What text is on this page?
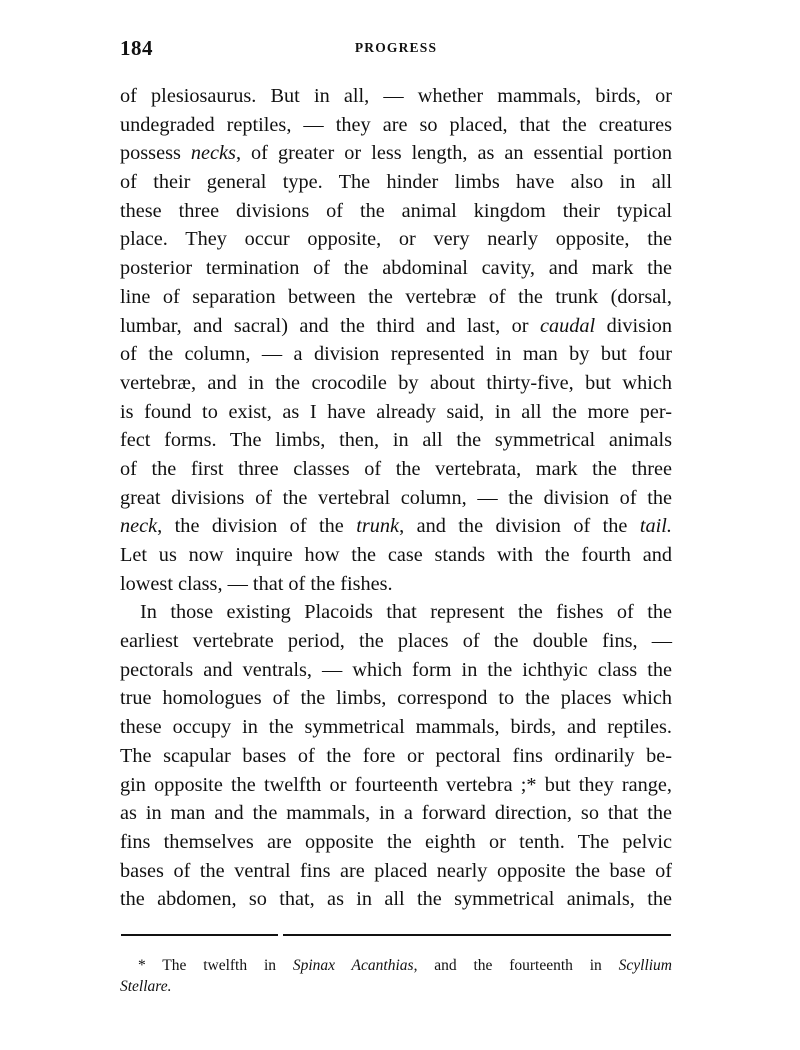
184	PROGRESS
of plesiosaurus. But in all, — whether mammals, birds, or
undegraded reptiles, — they are so placed, that the creatures
possess necks, of greater or less length, as an essential portion
of their general type. The hinder limbs have also in all
these three divisions of the animal kingdom their typical
place. They occur opposite, or very nearly opposite, the
posterior termination of the abdominal cavity, and mark the
line of separation between the vertebræ of the trunk (dorsal,
lumbar, and sacral) and the third and last, or caudal division
of the column, — a division represented in man by but four
vertebræ, and in the crocodile by about thirty-five, but which
is found to exist, as I have already said, in all the more per-
fect forms. The limbs, then, in all the symmetrical animals
of the first three classes of the vertebrata, mark the three
great divisions of the vertebral column, — the division of the
neck, the division of the trunk, and the division of the tail.
Let us now inquire how the case stands with the fourth and
lowest class, — that of the fishes.
In those existing Placoids that represent the fishes of the
earliest vertebrate period, the places of the double fins, —
pectorals and ventrals, — which form in the ichthyic class the
true homologues of the limbs, correspond to the places which
these occupy in the symmetrical mammals, birds, and reptiles.
The scapular bases of the fore or pectoral fins ordinarily be-
gin opposite the twelfth or fourteenth vertebra ;* but they range,
as in man and the mammals, in a forward direction, so that the
fins themselves are opposite the eighth or tenth. The pelvic
bases of the ventral fins are placed nearly opposite the base of
the abdomen, so that, as in all the symmetrical animals, the
* The twelfth in Spinax Acanthias, and the fourteenth in Scyllium
Stellare.
